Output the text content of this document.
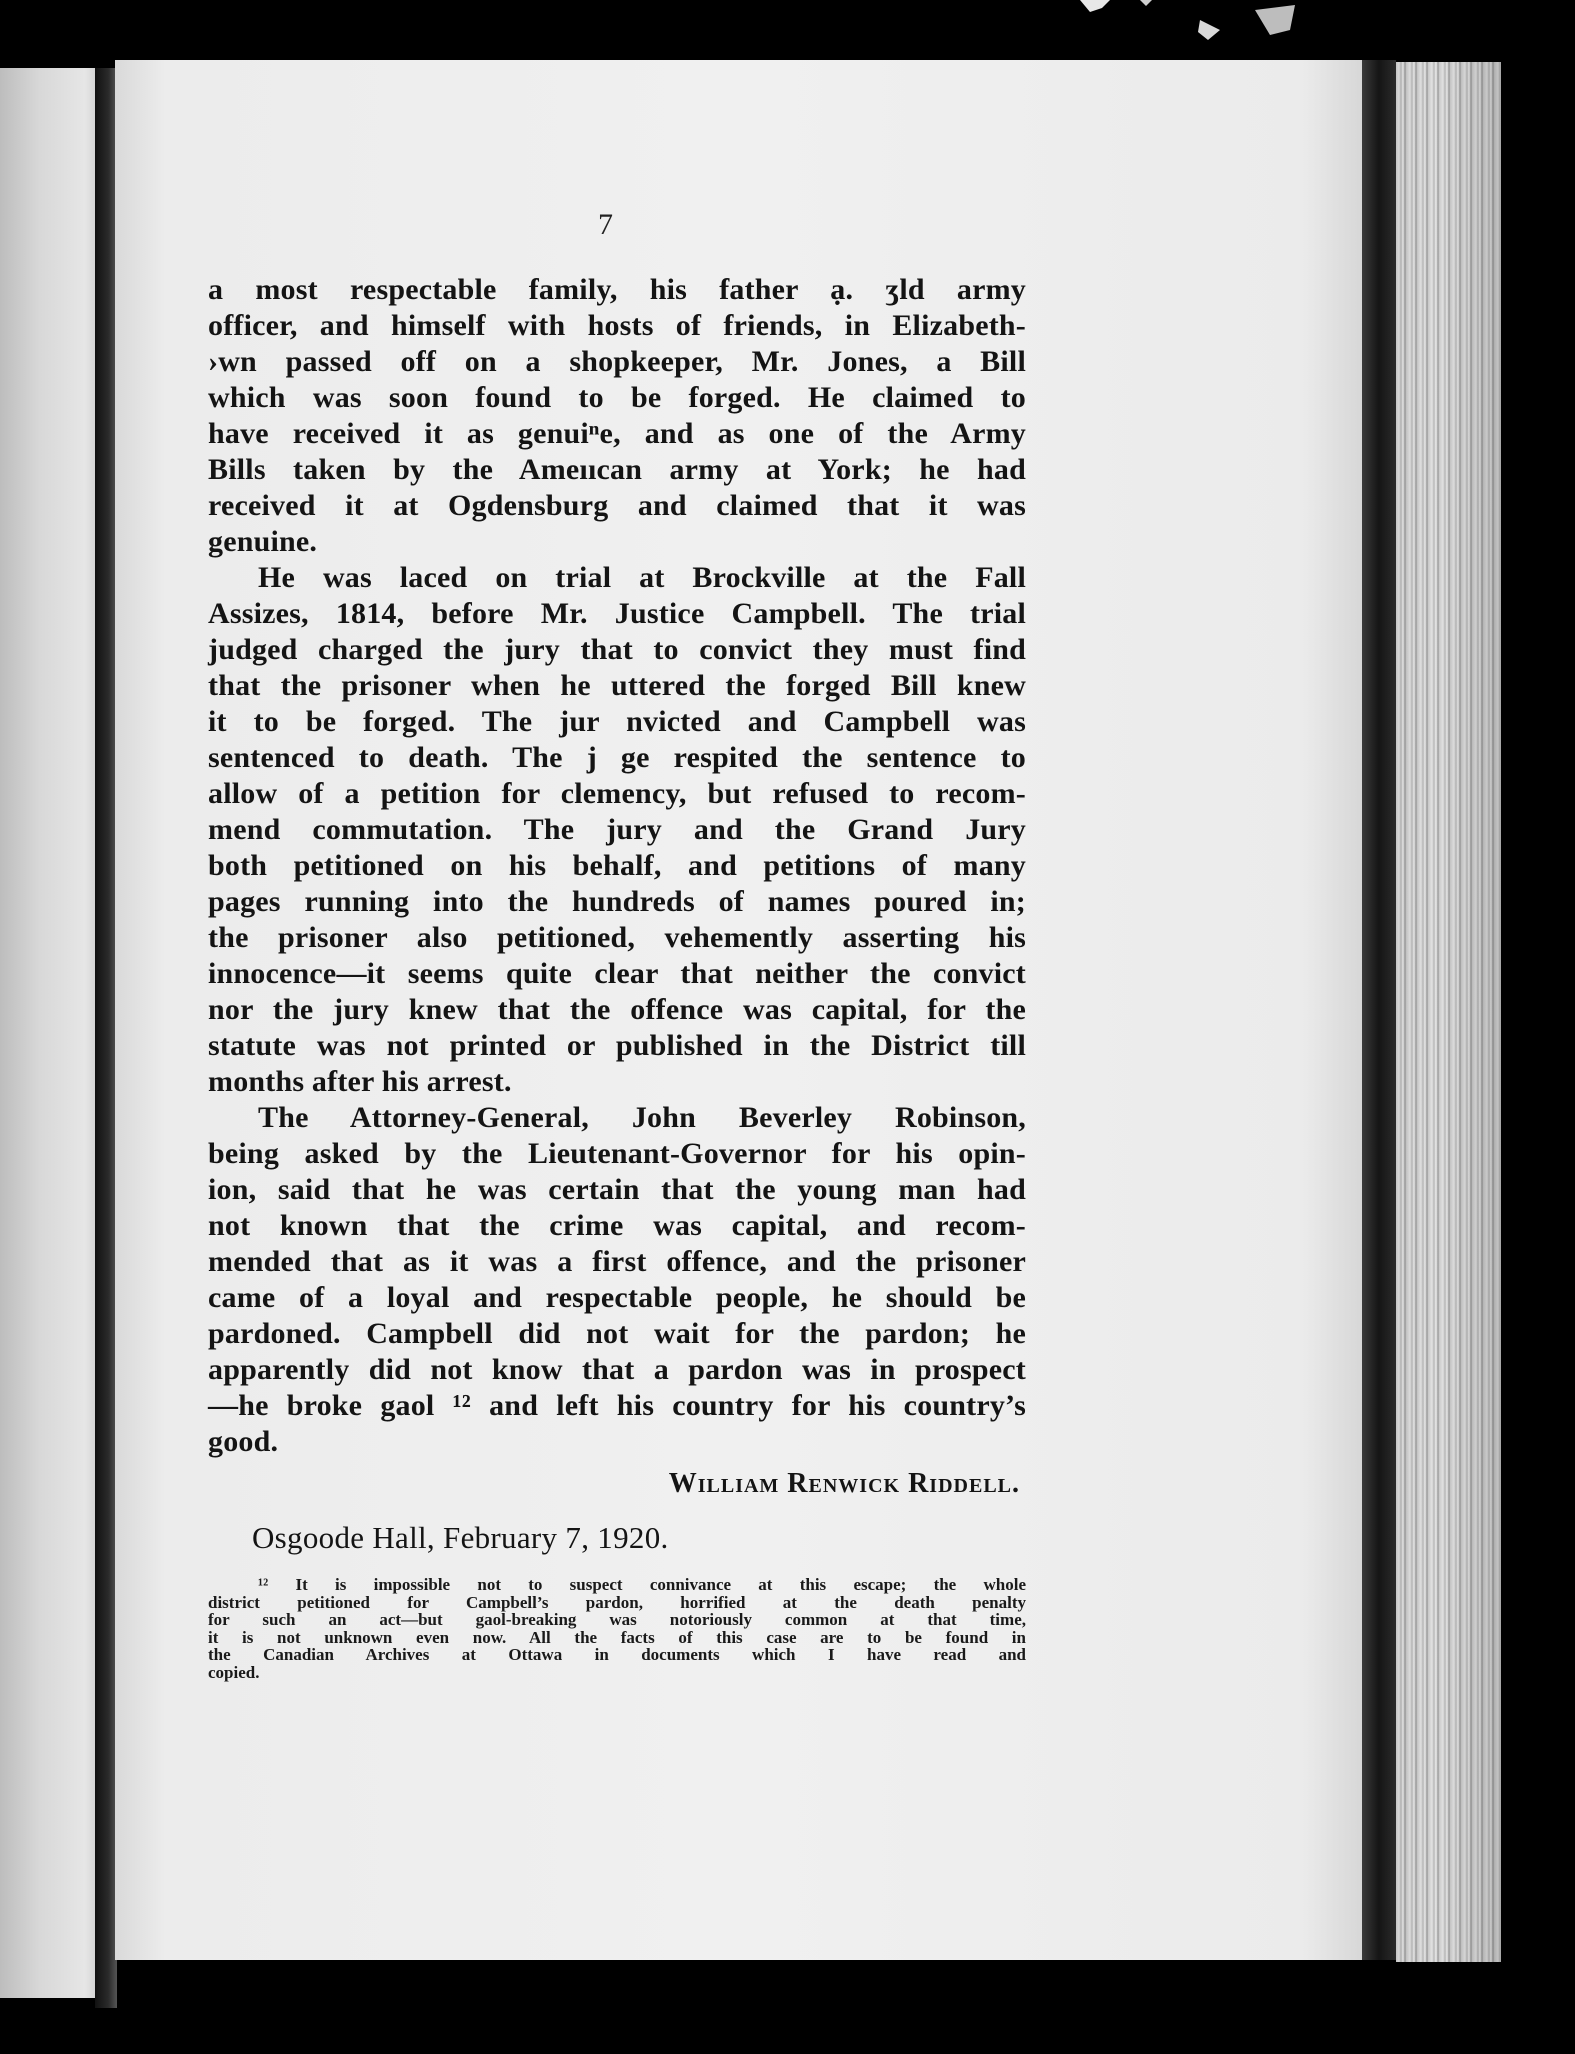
7
a most respectable family, his father ạ. ʒld army
officer, and himself with hosts of friends, in Elizabeth-
›wn passed off on a shopkeeper, Mr. Jones, a Bill
which was soon found to be forged. He claimed to
have received it as genuiⁿe, and as one of the Army
Bills taken by the Ameııcan army at York; he had
received it at Ogdensburg and claimed that it was
genuine.
He was laced on trial at Brockville at the Fall
Assizes, 1814, before Mr. Justice Campbell. The trial
judged charged the jury that to convict they must find
that the prisoner when he uttered the forged Bill knew
it to be forged. The jur nvicted and Campbell was
sentenced to death. The j ge respited the sentence to
allow of a petition for clemency, but refused to recom-
mend commutation. The jury and the Grand Jury
both petitioned on his behalf, and petitions of many
pages running into the hundreds of names poured in;
the prisoner also petitioned, vehemently asserting his
innocence—it seems quite clear that neither the convict
nor the jury knew that the offence was capital, for the
statute was not printed or published in the District till
months after his arrest.
The Attorney-General, John Beverley Robinson,
being asked by the Lieutenant-Governor for his opin-
ion, said that he was certain that the young man had
not known that the crime was capital, and recom-
mended that as it was a first offence, and the prisoner
came of a loyal and respectable people, he should be
pardoned. Campbell did not wait for the pardon; he
apparently did not know that a pardon was in prospect
—he broke gaol ¹² and left his country for his country’s
good.
William Renwick Riddell.
Osgoode Hall, February 7, 1920.
¹² It is impossible not to suspect connivance at this escape; the whole
district petitioned for Campbell’s pardon, horrified at the death penalty
for such an act—but gaol-breaking was notoriously common at that time,
it is not unknown even now. All the facts of this case are to be found in
the Canadian Archives at Ottawa in documents which I have read and
copied.
